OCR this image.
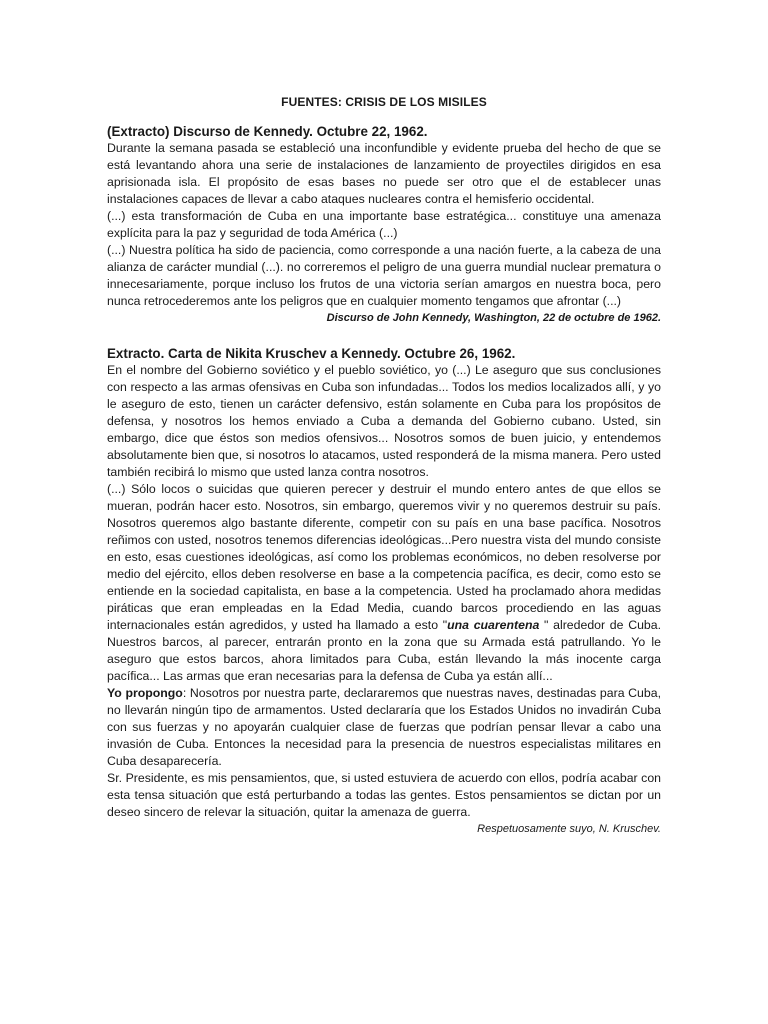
FUENTES: CRISIS DE LOS MISILES

(Extracto) Discurso de Kennedy. Octubre 22, 1962.

Durante la semana pasada se estableció una inconfundible y evidente prueba del hecho de que se está levantando ahora una serie de instalaciones de lanzamiento de proyectiles dirigidos en esa aprisionada isla. El propósito de esas bases no puede ser otro que el de establecer unas instalaciones capaces de llevar a cabo ataques nucleares contra el hemisferio occidental.

(...) esta transformación de Cuba en una importante base estratégica... constituye una amenaza explícita para la paz y seguridad de toda América (...)

(...) Nuestra política ha sido de paciencia, como corresponde a una nación fuerte, a la cabeza de una alianza de carácter mundial (...). no correremos el peligro de una guerra mundial nuclear prematura o innecesariamente, porque incluso los frutos de una victoria serían amargos en nuestra boca, pero nunca retrocederemos ante los peligros que en cualquier momento tengamos que afrontar (...)

Discurso de John Kennedy, Washington, 22 de octubre de 1962.

Extracto. Carta de Nikita Kruschev a Kennedy. Octubre 26, 1962.

En el nombre del Gobierno soviético y el pueblo soviético, yo (...) Le aseguro que sus conclusiones con respecto a las armas ofensivas en Cuba son infundadas... Todos los medios localizados allí, y yo le aseguro de esto, tienen un carácter defensivo, están solamente en Cuba para los propósitos de defensa, y nosotros los hemos enviado a Cuba a demanda del Gobierno cubano. Usted, sin embargo, dice que éstos son medios ofensivos... Nosotros somos de buen juicio, y entendemos absolutamente bien que, si nosotros lo atacamos, usted responderá de la misma manera. Pero usted también recibirá lo mismo que usted lanza contra nosotros.

(...) Sólo locos o suicidas que quieren perecer y destruir el mundo entero antes de que ellos se mueran, podrán hacer esto. Nosotros, sin embargo, queremos vivir y no queremos destruir su país. Nosotros queremos algo bastante diferente, competir con su país en una base pacífica. Nosotros reñimos con usted, nosotros tenemos diferencias ideológicas...Pero nuestra vista del mundo consiste en esto, esas cuestiones ideológicas, así como los problemas económicos, no deben resolverse por medio del ejército, ellos deben resolverse en base a la competencia pacífica, es decir, como esto se entiende en la sociedad capitalista, en base a la competencia. Usted ha proclamado ahora medidas piráticas que eran empleadas en la Edad Media, cuando barcos procediendo en las aguas internacionales están agredidos, y usted ha llamado a esto "una cuarentena " alrededor de Cuba. Nuestros barcos, al parecer, entrarán pronto en la zona que su Armada está patrullando. Yo le aseguro que estos barcos, ahora limitados para Cuba, están llevando la más inocente carga pacífica... Las armas que eran necesarias para la defensa de Cuba ya están allí...

Yo propongo: Nosotros por nuestra parte, declararemos que nuestras naves, destinadas para Cuba, no llevarán ningún tipo de armamentos. Usted declararía que los Estados Unidos no invadirán Cuba con sus fuerzas y no apoyarán cualquier clase de fuerzas que podrían pensar llevar a cabo una invasión de Cuba. Entonces la necesidad para la presencia de nuestros especialistas militares en Cuba desaparecería.

Sr. Presidente, es mis pensamientos, que, si usted estuviera de acuerdo con ellos, podría acabar con esta tensa situación que está perturbando a todas las gentes. Estos pensamientos se dictan por un deseo sincero de relevar la situación, quitar la amenaza de guerra.

Respetuosamente suyo, N. Kruschev.
